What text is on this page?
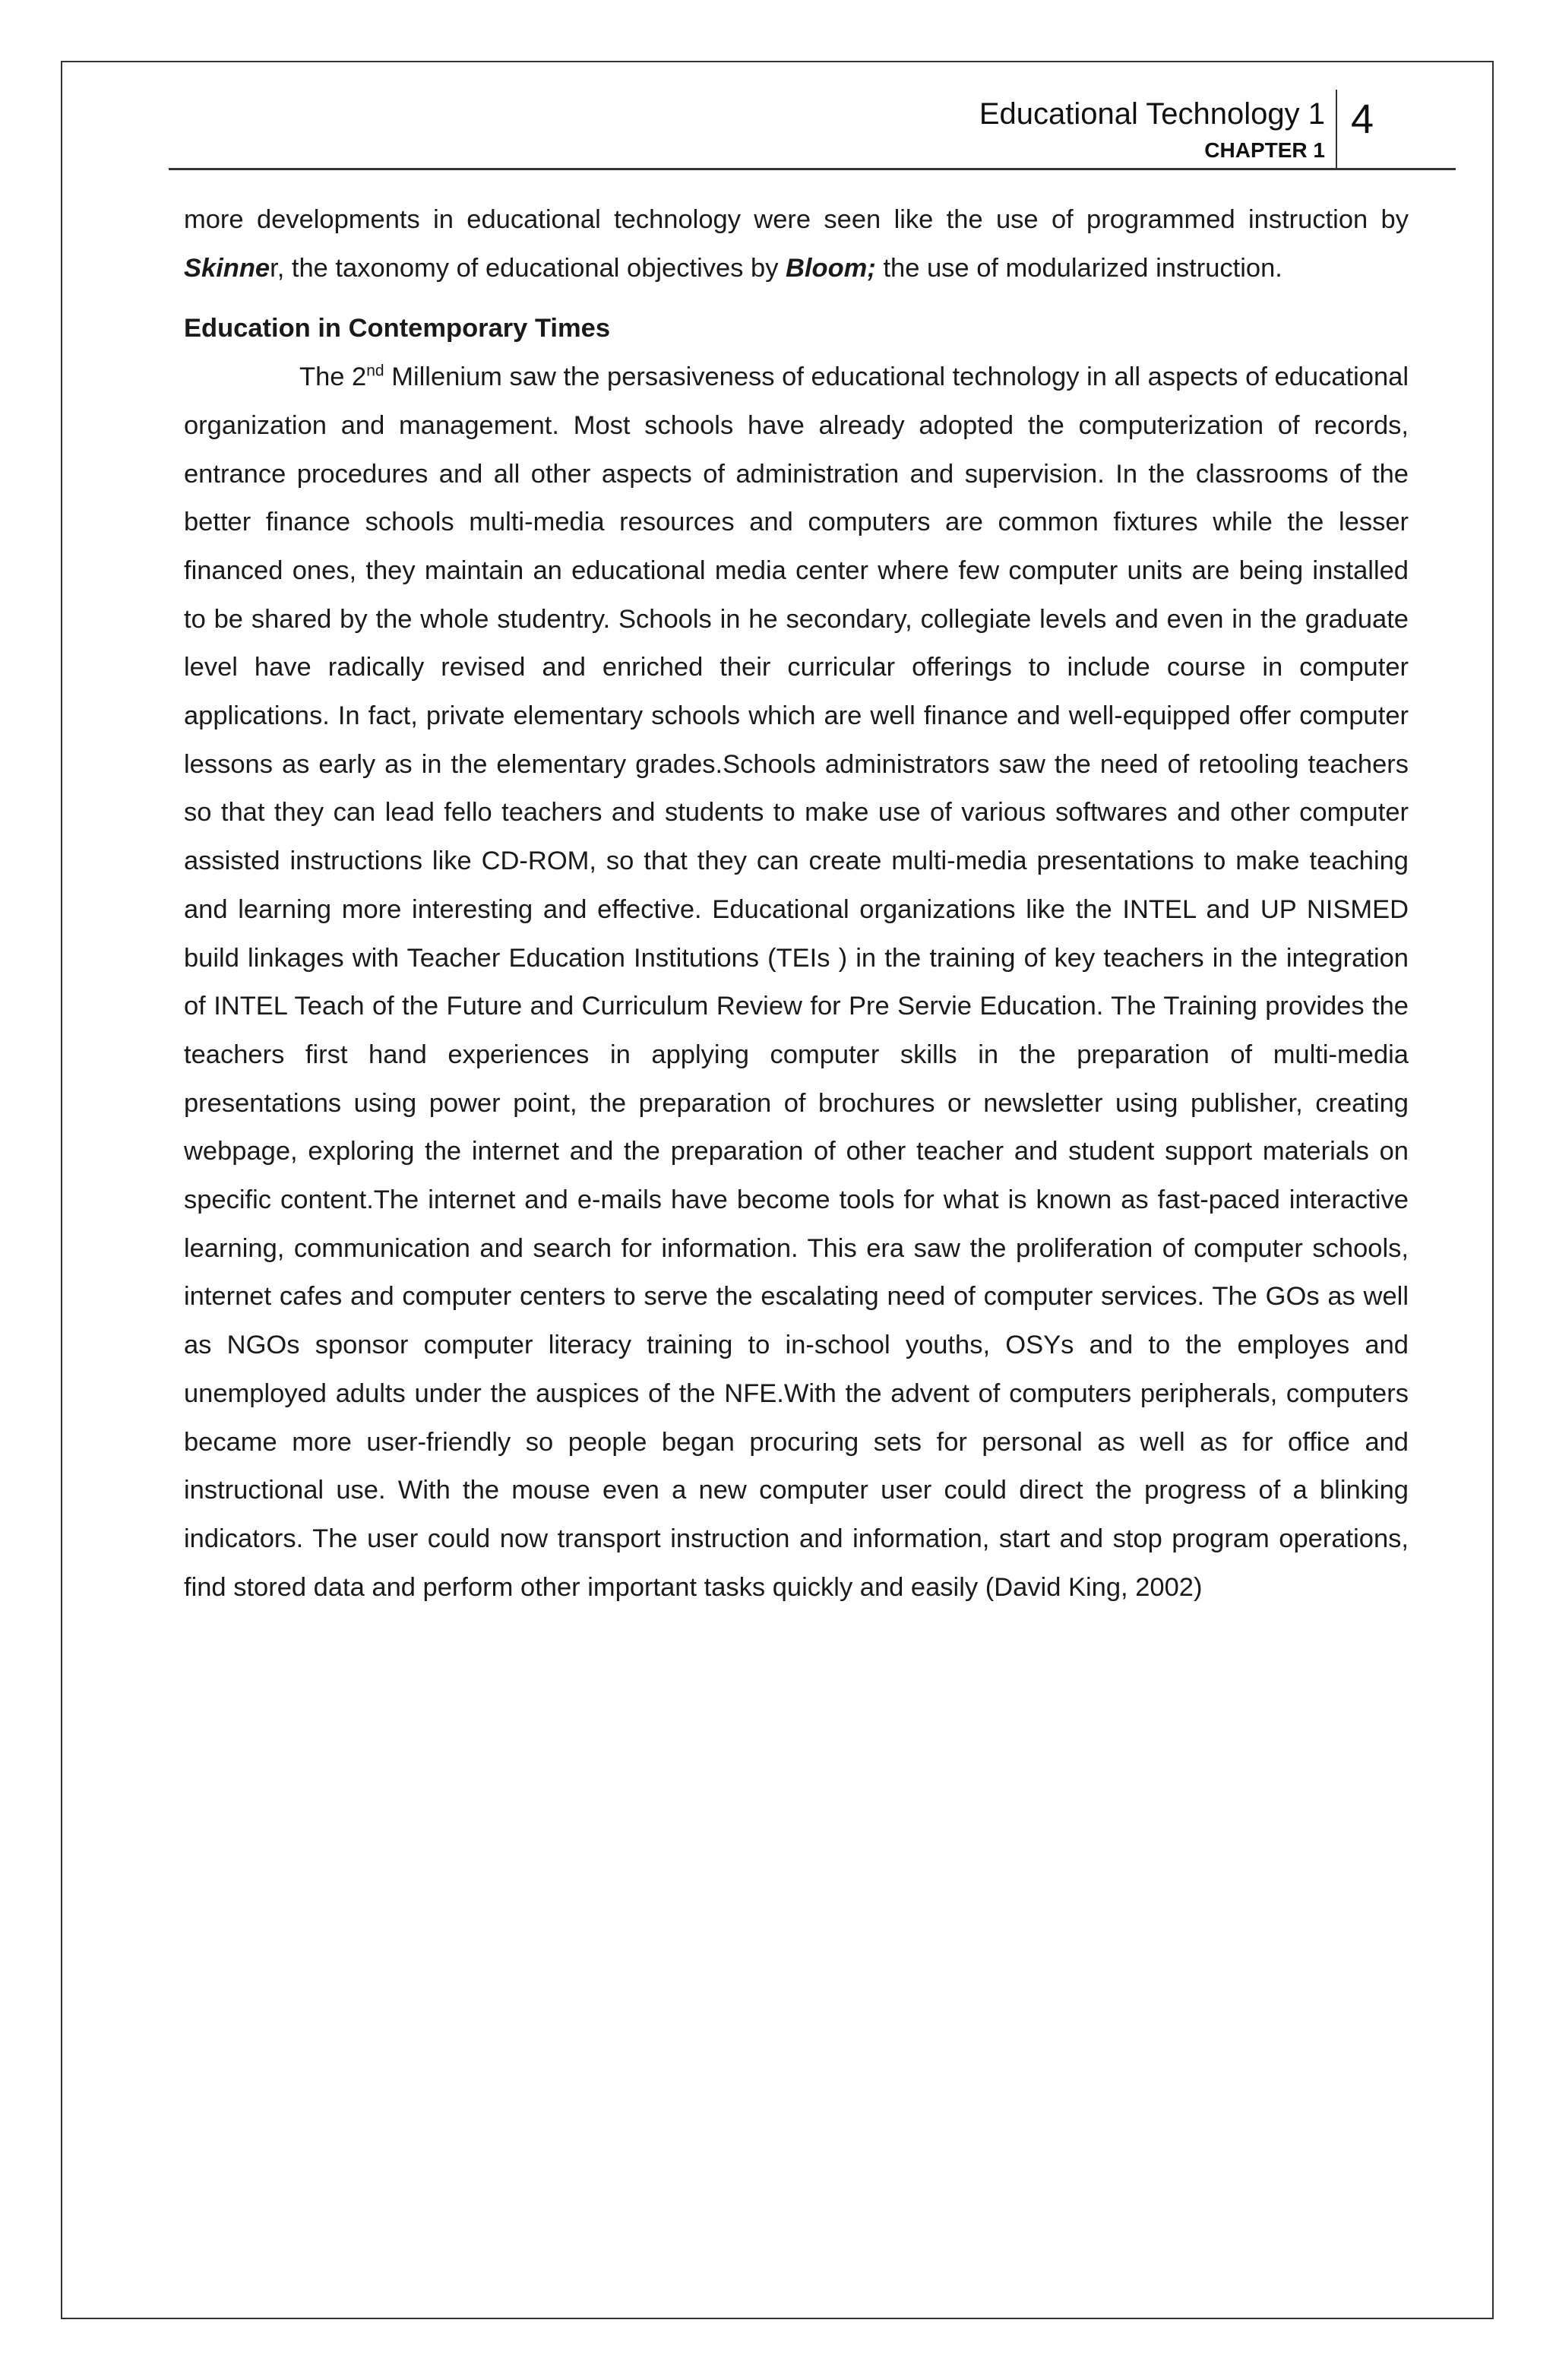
Educational Technology 1
CHAPTER 1
4

more developments in educational technology were seen like the use of programmed instruction by Skinner, the taxonomy of educational objectives by Bloom; the use of modularized instruction.

Education in Contemporary Times

The 2nd Millenium saw the persasiveness of educational technology in all aspects of educational organization and management. Most schools have already adopted the computerization of records, entrance procedures and all other aspects of administration and supervision. In the classrooms of the better finance schools multi-media resources and computers are common fixtures while the lesser financed ones, they maintain an educational media center where few computer units are being installed to be shared by the whole studentry. Schools in he secondary, collegiate levels and even in the graduate level have radically revised and enriched their curricular offerings to include course in computer applications. In fact, private elementary schools which are well finance and well-equipped offer computer lessons as early as in the elementary grades.Schools administrators saw the need of retooling teachers so that they can lead fello teachers and students to make use of various softwares and other computer assisted instructions like CD-ROM, so that they can create multi-media presentations to make teaching and learning more interesting and effective. Educational organizations like the INTEL and UP NISMED build linkages with Teacher Education Institutions (TEIs ) in the training of key teachers in the integration of INTEL Teach of the Future and Curriculum Review for Pre Servie Education. The Training provides the teachers first hand experiences in applying computer skills in the preparation of multi-media presentations using power point, the preparation of brochures or newsletter using publisher, creating webpage, exploring the internet and the preparation of other teacher and student support materials on specific content.The internet and e-mails have become tools for what is known as fast-paced interactive learning, communication and search for information. This era saw the proliferation of computer schools, internet cafes and computer centers to serve the escalating need of computer services. The GOs as well as NGOs sponsor computer literacy training to in-school youths, OSYs and to the employes and unemployed adults under the auspices of the NFE.With the advent of computers peripherals, computers became more user-friendly so people began procuring sets for personal as well as for office and instructional use. With the mouse even a new computer user could direct the progress of a blinking indicators. The user could now transport instruction and information, start and stop program operations, find stored data and perform other important tasks quickly and easily (David King, 2002)
